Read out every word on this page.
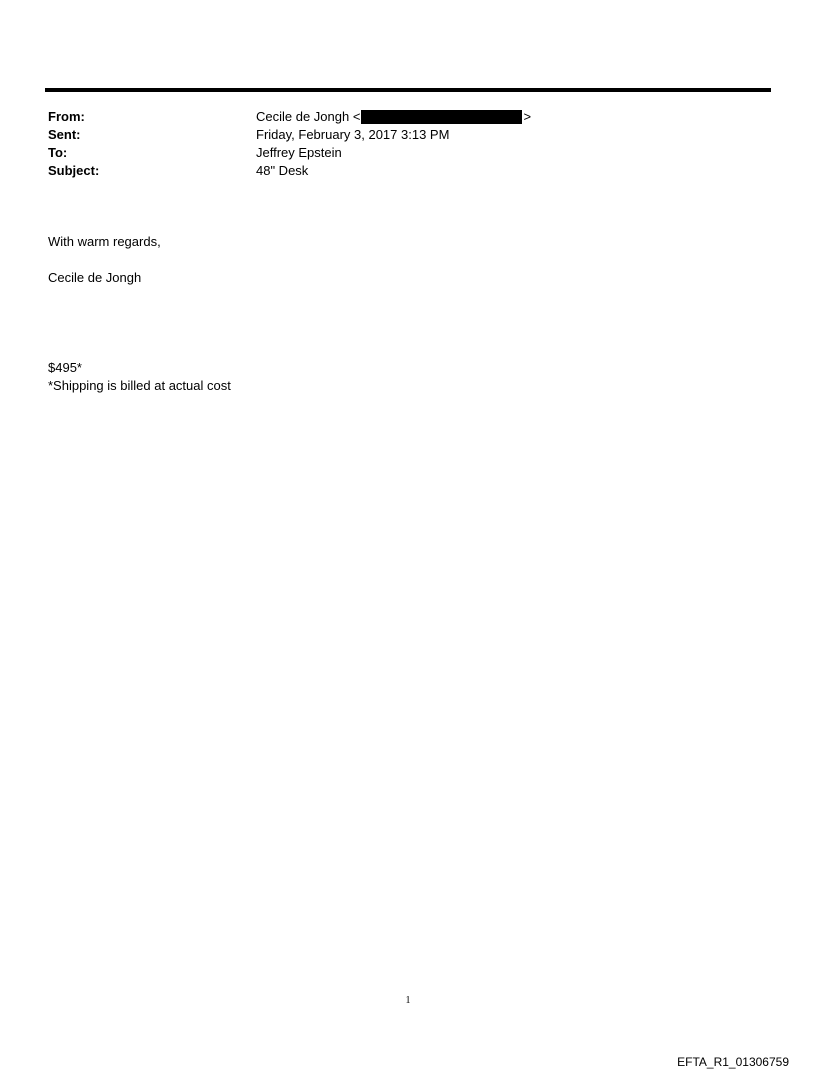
From:	Cecile de Jongh <	>
Sent:	Friday, February 3, 2017 3:13 PM
To:	Jeffrey Epstein
Subject:	48" Desk
With warm regards,
Cecile de Jongh
$495*
*Shipping is billed at actual cost
1
EFTA_R1_01306759
